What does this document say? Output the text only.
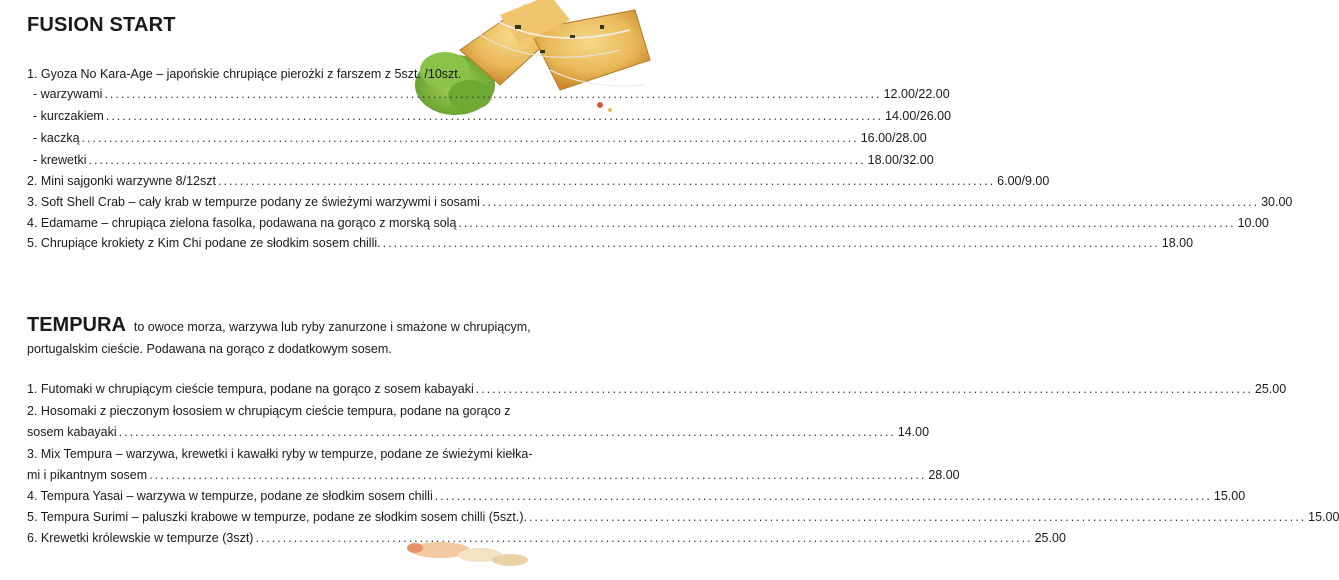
FUSION START
1. Gyoza No Kara-Age – japońskie chrupiące pierożki z farszem z 5szt. /10szt.
- warzywami .............................................................................................................................................. 12.00/22.00
- kurczakiem .............................................................................................................................................. 14.00/26.00
- kaczką .............................................................................................................................................. 16.00/28.00
- krewetki .............................................................................................................................................. 18.00/32.00
2. Mini sajgonki warzywne 8/12szt .............................................................................................................................................. 6.00/9.00
3. Soft Shell Crab – cały krab w tempurze podany ze świeżymi warzywmi i sosami .............................................................................................................................................. 30.00
4. Edamame – chrupiąca zielona fasolka, podawana na gorąco z morską solą .............................................................................................................................................. 10.00
5. Chrupiące krokiety z Kim Chi podane ze słodkim sosem chilli. .............................................................................................................................................. 18.00
TEMPURA to owoce morza, warzywa lub ryby zanurzone i smażone w chrupiącym,
portugalskim cieście. Podawana na gorąco z dodatkowym sosem.
1. Futomaki w chrupiącym cieście tempura, podane na gorąco z sosem kabayaki .............................................................................................................................................. 25.00
2. Hosomaki z pieczonym łososiem w chrupiącym cieście tempura, podane na gorąco z
sosem kabayaki .............................................................................................................................................. 14.00
3. Mix Tempura – warzywa, krewetki i kawałki ryby w tempurze, podane ze świeżymi kiełka-
mi i pikantnym sosem .............................................................................................................................................. 28.00
4. Tempura Yasai – warzywa w tempurze, podane ze słodkim sosem chilli .............................................................................................................................................. 15.00
5. Tempura Surimi – paluszki krabowe w tempurze, podane ze słodkim sosem chilli (5szt.). .............................................................................................................................................. 15.00
6. Krewetki królewskie w tempurze (3szt) .............................................................................................................................................. 25.00
